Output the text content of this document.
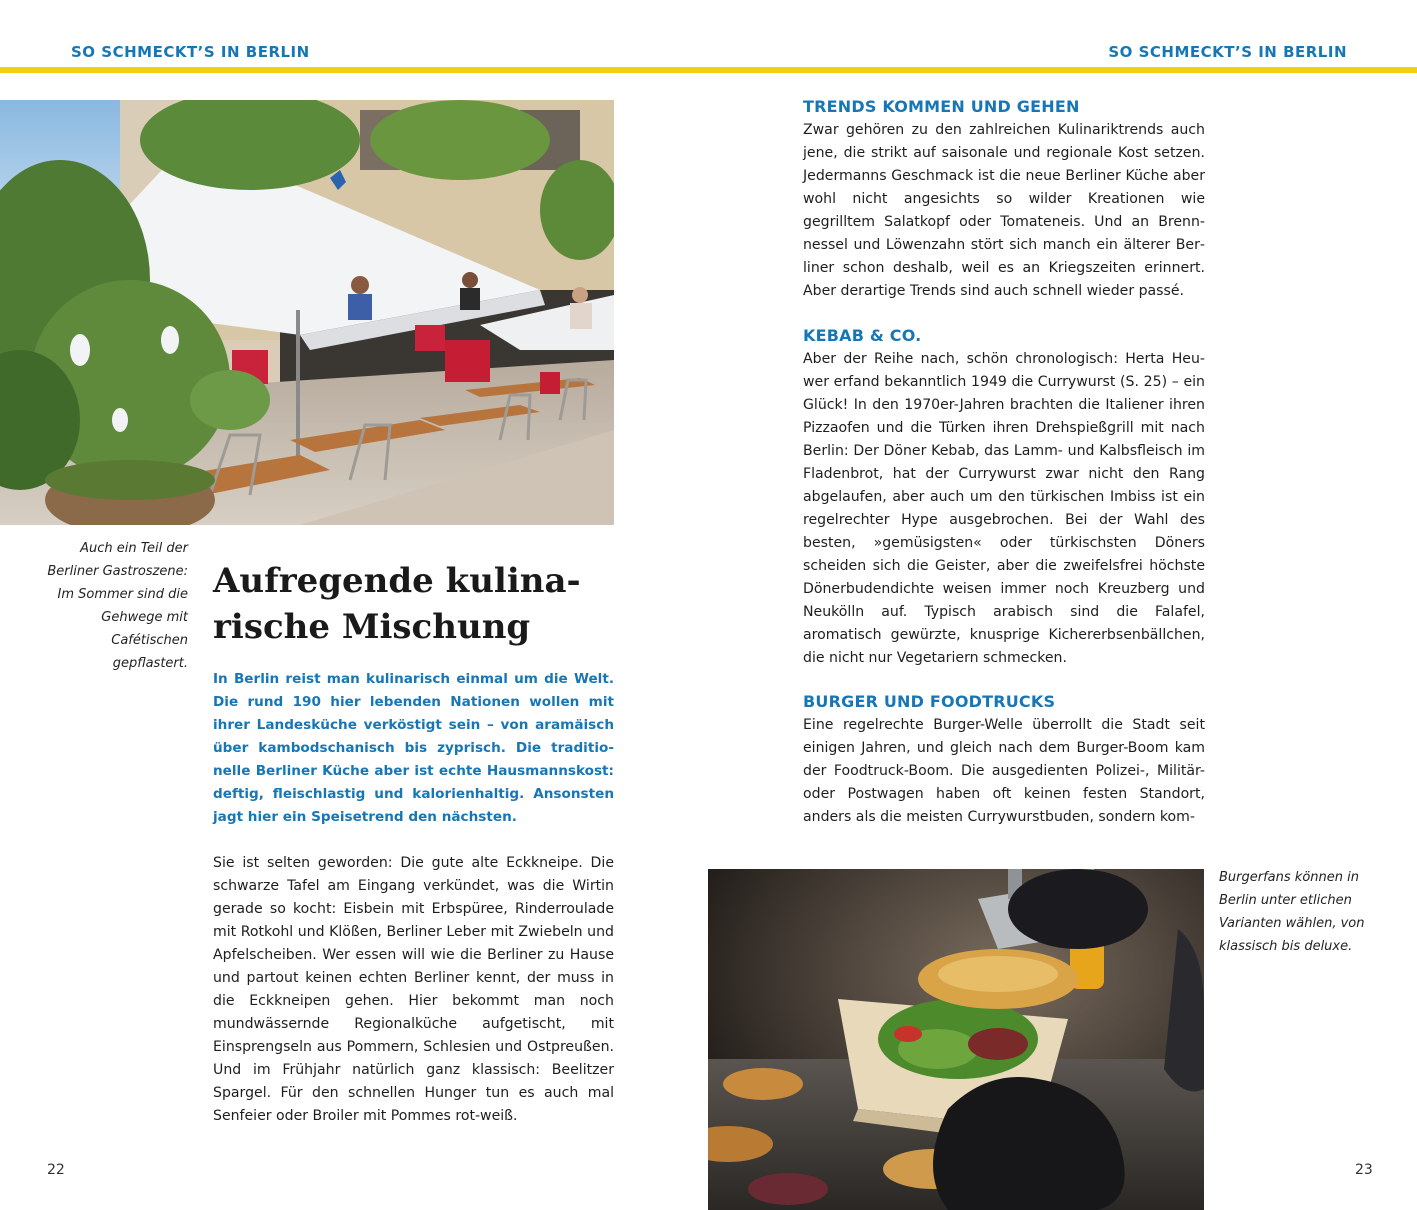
SO SCHMECKT’S IN BERLIN	SO SCHMECKT’S IN BERLIN
Auch ein Teil der Berliner Gastroszene: Im Sommer sind die Gehwege mit Cafétischen gepflastert.
Aufregende kulinarische Mischung

In Berlin reist man kulinarisch einmal um die Welt. Die rund 190 hier lebenden Nationen wollen mit ihrer Landesküche verköstigt sein – von aramäisch über kambodschanisch bis zyprisch. Die traditionelle Berliner Küche aber ist echte Hausmannskost: deftig, fleischlastig und kalorienhaltig. Ansonsten jagt hier ein Speisetrend den nächsten.

Sie ist selten geworden: Die gute alte Eckkneipe. Die schwarze Tafel am Eingang verkündet, was die Wirtin gerade so kocht: Eisbein mit Erbspüree, Rinderroulade mit Rotkohl und Klößen, Berliner Leber mit Zwiebeln und Apfelscheiben. Wer essen will wie die Berliner zu Hause und partout keinen echten Berliner kennt, der muss in die Eckkneipen gehen. Hier bekommt man noch mundwässernde Regionalküche aufgetischt, mit Einsprengseln aus Pommern, Schlesien und Ostpreußen. Und im Frühjahr natürlich ganz klassisch: Beelitzer Spargel. Für den schnellen Hunger tun es auch mal Senfeier oder Broiler mit Pommes rot-weiß.

TRENDS KOMMEN UND GEHEN

Zwar gehören zu den zahlreichen Kulinariktrends auch jene, die strikt auf saisonale und regionale Kost setzen. Jedermanns Geschmack ist die neue Berliner Küche aber wohl nicht angesichts so wilder Kreationen wie gegrilltem Salatkopf oder Tomateneis. Und an Brennnessel und Löwenzahn stört sich manch ein älterer Berliner schon deshalb, weil es an Kriegszeiten erinnert. Aber derartige Trends sind auch schnell wieder passé.

KEBAB & CO.

Aber der Reihe nach, schön chronologisch: Herta Heuwer erfand bekanntlich 1949 die Currywurst (S. 25) – ein Glück! In den 1970er-Jahren brachten die Italiener ihren Pizzaofen und die Türken ihren Drehspießgrill mit nach Berlin: Der Döner Kebab, das Lamm- und Kalbsfleisch im Fladenbrot, hat der Currywurst zwar nicht den Rang abgelaufen, aber auch um den türkischen Imbiss ist ein regelrechter Hype ausgebrochen. Bei der Wahl des besten, »gemüsigsten« oder türkischsten Döners scheiden sich die Geister, aber die zweifelsfrei höchste Dönerbudendichte weisen immer noch Kreuzberg und Neukölln auf. Typisch arabisch sind die Falafel, aromatisch gewürzte, knusprige Kichererbsenbällchen, die nicht nur Vegetariern schmecken.

BURGER UND FOODTRUCKS

Eine regelrechte Burger-Welle überrollt die Stadt seit einigen Jahren, und gleich nach dem Burger-Boom kam der Foodtruck-Boom. Die ausgedienten Polizei-, Militär- oder Postwagen haben oft keinen festen Standort, anders als die meisten Currywurstbuden, sondern kom-

Burgerfans können in Berlin unter etlichen Varianten wählen, von klassisch bis deluxe.
22	23
